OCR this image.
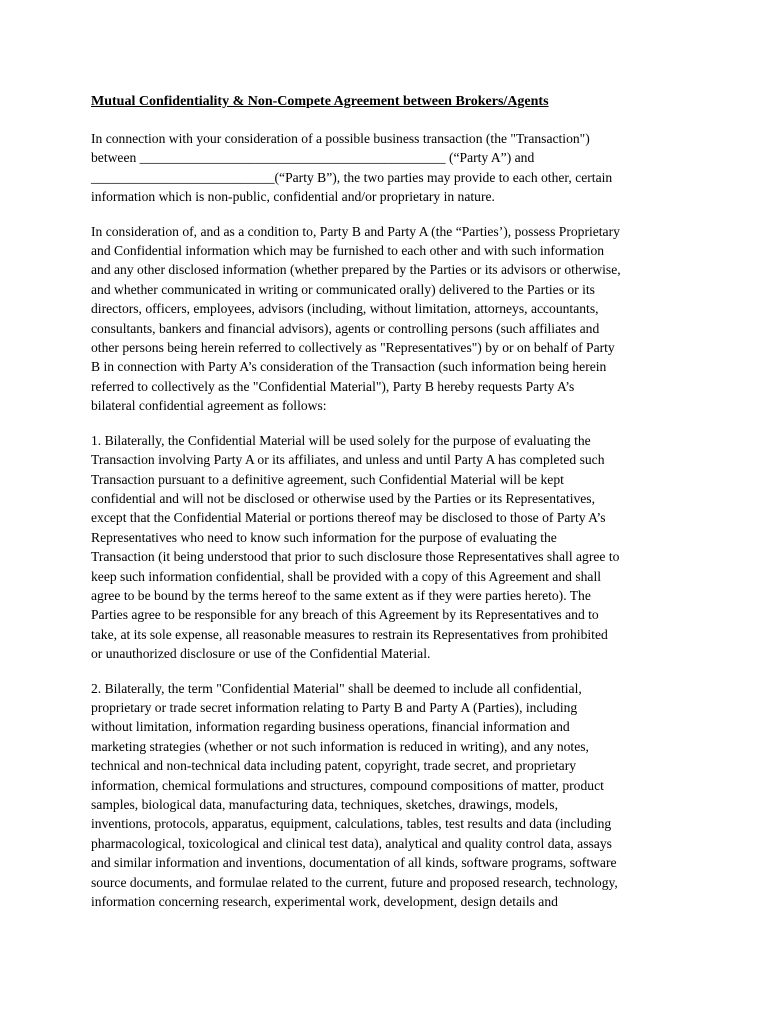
Mutual Confidentiality & Non-Compete Agreement between Brokers/Agents
In connection with your consideration of a possible business transaction (the "Transaction")
between _____________________________________________ (“Party A”) and
___________________________(“Party B”), the two parties may provide to each other, certain
information which is non-public, confidential and/or proprietary in nature.
In consideration of, and as a condition to, Party B and Party A (the “Parties’), possess Proprietary
and Confidential information which may be furnished to each other and with such information
and any other disclosed information (whether prepared by the Parties or its advisors or otherwise,
and whether communicated in writing or communicated orally) delivered to the Parties or its
directors, officers, employees, advisors (including, without limitation, attorneys, accountants,
consultants, bankers and financial advisors), agents or controlling persons (such affiliates and
other persons being herein referred to collectively as "Representatives") by or on behalf of Party
B in connection with Party A’s consideration of the Transaction (such information being herein
referred to collectively as the "Confidential Material"), Party B hereby requests Party A’s
bilateral confidential agreement as follows:
1. Bilaterally, the Confidential Material will be used solely for the purpose of evaluating the
Transaction involving Party A or its affiliates, and unless and until Party A has completed such
Transaction pursuant to a definitive agreement, such Confidential Material will be kept
confidential and will not be disclosed or otherwise used by the Parties or its Representatives,
except that the Confidential Material or portions thereof may be disclosed to those of Party A’s
Representatives who need to know such information for the purpose of evaluating the
Transaction (it being understood that prior to such disclosure those Representatives shall agree to
keep such information confidential, shall be provided with a copy of this Agreement and shall
agree to be bound by the terms hereof to the same extent as if they were parties hereto). The
Parties agree to be responsible for any breach of this Agreement by its Representatives and to
take, at its sole expense, all reasonable measures to restrain its Representatives from prohibited
or unauthorized disclosure or use of the Confidential Material.
2. Bilaterally, the term "Confidential Material" shall be deemed to include all confidential,
proprietary or trade secret information relating to Party B and Party A (Parties), including
without limitation, information regarding business operations, financial information and
marketing strategies (whether or not such information is reduced in writing), and any notes,
technical and non-technical data including patent, copyright, trade secret, and proprietary
information, chemical formulations and structures, compound compositions of matter, product
samples, biological data, manufacturing data, techniques, sketches, drawings, models,
inventions, protocols, apparatus, equipment, calculations, tables, test results and data (including
pharmacological, toxicological and clinical test data), analytical and quality control data, assays
and similar information and inventions, documentation of all kinds, software programs, software
source documents, and formulae related to the current, future and proposed research, technology,
information concerning research, experimental work, development, design details and
